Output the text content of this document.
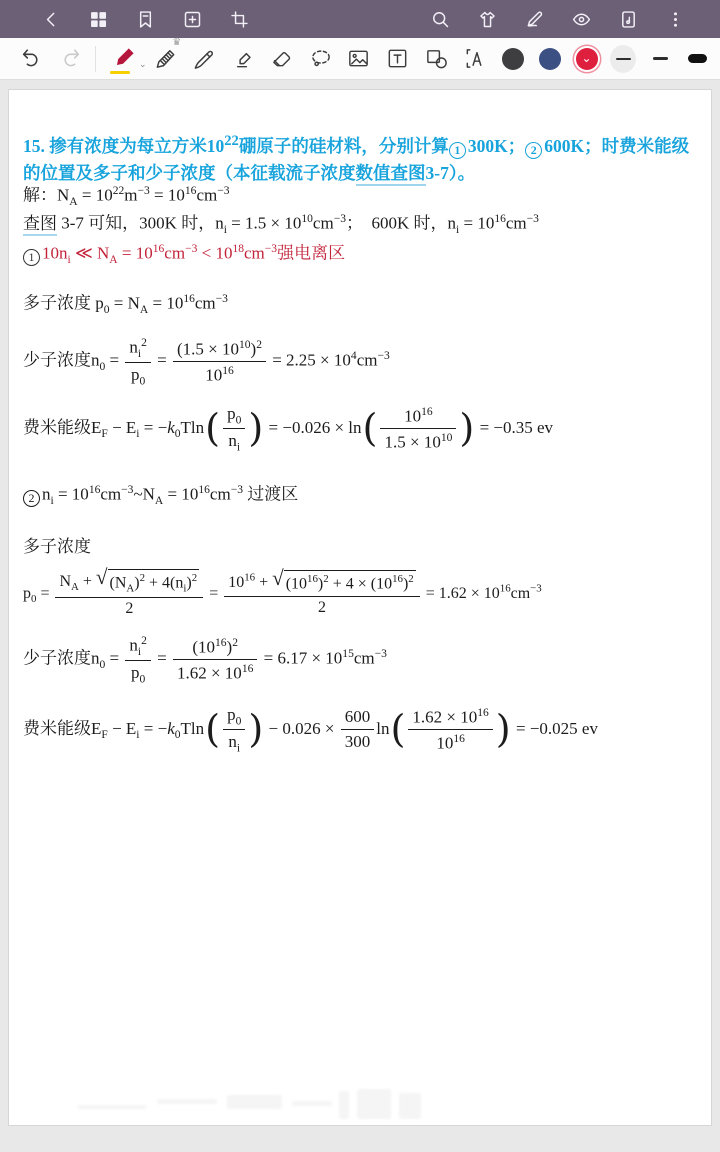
⌄
♛
⌄
15. 掺有浓度为每立方米$10^{22}$硼原子的硅材料，分别计算 1 300K； 2 600K；时费米能级的位置及多子和少子浓度（本征载流子浓度数值查图3-7）。
解：$N_A = 10^{22}m^{-3} = 10^{16}cm^{-3}$
查图 3-7 可知，300K 时，$n_i = 1.5 \times 10^{10}cm^{-3}$；  600K 时，$n_i = 10^{16}cm^{-3}$
1 $10n_i$ ≪ $N_A = 10^{16}cm^{-3} < 10^{18}cm^{-3}$强电离区
多子浓度 $p_0 = N_A = 10^{16}cm^{-3}$
少子浓度$n_0 = \frac{n_i^2}{p_0} = \frac{(1.5 \times 10^{10})^2}{10^{16}} = 2.25 \times 10^4cm^{-3}$
费米能级$E_F - E_i = -k_0Tln( \frac{p_0}{n_i}$ ) = $-0.026 \times \ln( \frac{10^{16}}{1.5 \times 10^{10}}$ ) = −0.35 ev
2 $n_i$ = $10^{16}cm^{-3}\sim N_A = 10^{16}cm^{-3}$ 过渡区
多子浓度
$p_0 = \frac{N_A + √ (N_A)^2 + 4(n_i)^2}{2} = \frac{10^{16} + √ (10^{16})^2 + 4 \times (10^{16})^2}{2} = 1.62 \times 10^{16}cm^{-3}$
少子浓度$n_0 = \frac{n_i^2}{p_0} = \frac{(10^{16})^2}{1.62 \times 10^{16}} = 6.17 \times 10^{15}cm^{-3}$
费米能级$E_F - E_i = -k_0Tln( \frac{p_0}{n_i}$ ) − $0.026 \times \frac{600}{300} \ln( \frac{1.62 \times 10^{16}}{10^{16}}$ ) = −0.025 ev
